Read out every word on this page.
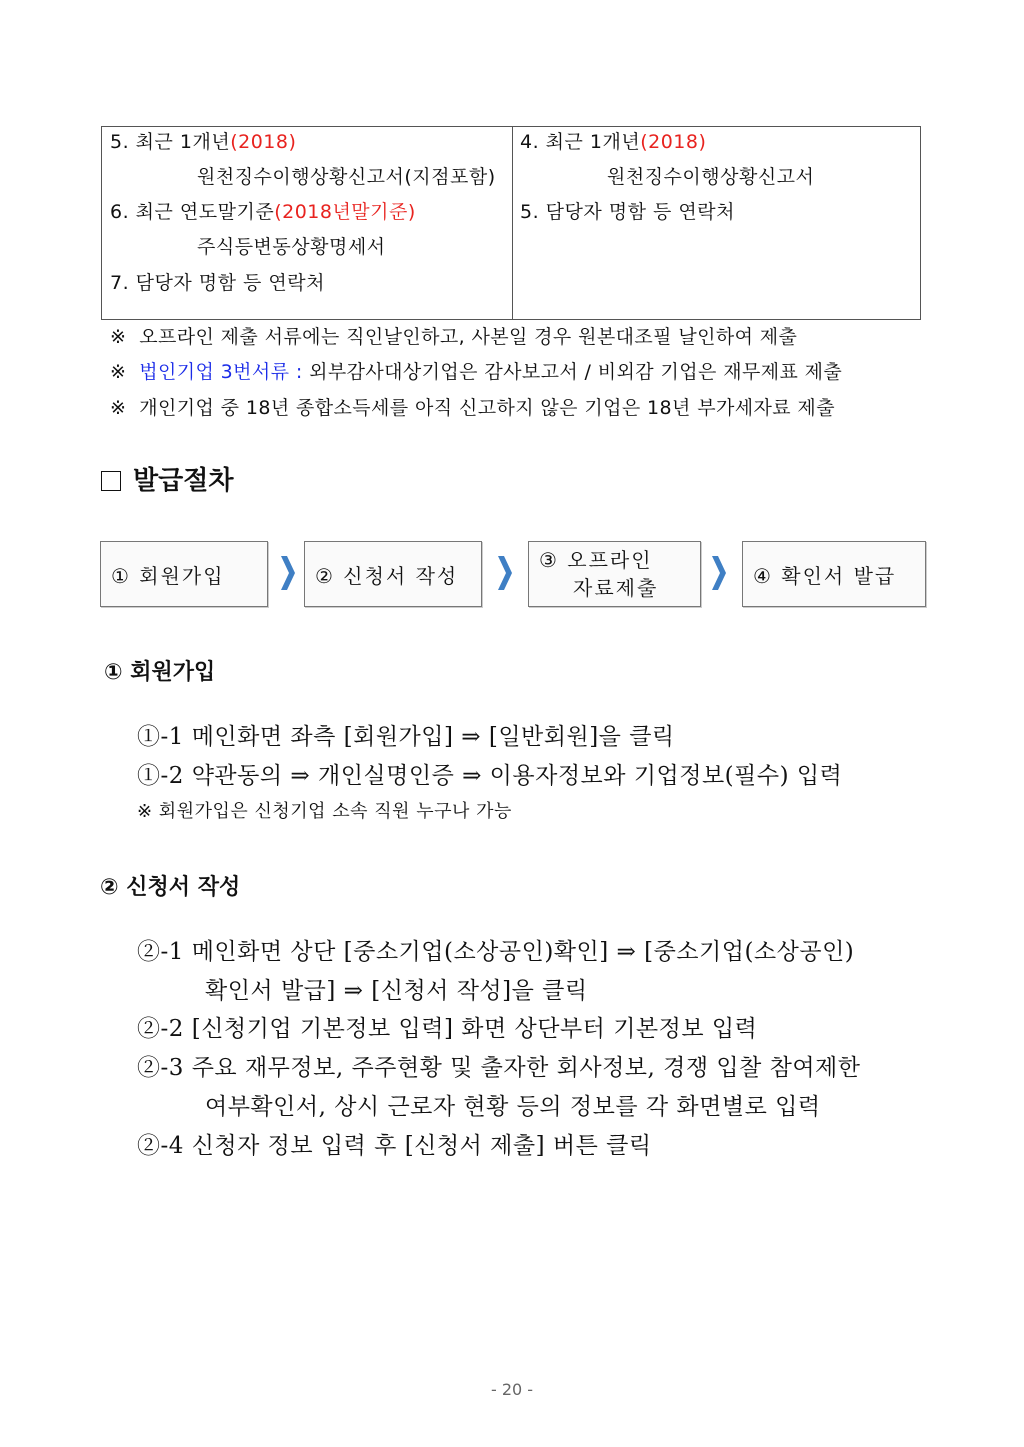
5. 최근 1개년(2018)
원천징수이행상황신고서(지점포함)
6. 최근 연도말기준(2018년말기준)
주식등변동상황명세서
7. 담당자 명함 등 연락처
4. 최근 1개년(2018)
원천징수이행상황신고서
5. 담당자 명함 등 연락처
※ 오프라인 제출 서류에는 직인날인하고, 사본일 경우 원본대조필 날인하여 제출
※ 법인기업 3번서류 : 외부감사대상기업은 감사보고서 / 비외감 기업은 재무제표 제출
※ 개인기업 중 18년 종합소득세를 아직 신고하지 않은 기업은 18년 부가세자료 제출
발급절차
① 회원가입	② 신청서 작성
③ 오프라인
자료제출
④ 확인서 발급
① 회원가입
①-1 메인화면 좌측 [회원가입] ⇒ [일반회원]을 클릭
①-2 약관동의 ⇒ 개인실명인증 ⇒ 이용자정보와 기업정보(필수) 입력
※ 회원가입은 신청기업 소속 직원 누구나 가능
② 신청서 작성
②-1 메인화면 상단 [중소기업(소상공인)확인] ⇒ [중소기업(소상공인)
확인서 발급] ⇒ [신청서 작성]을 클릭
②-2 [신청기업 기본정보 입력] 화면 상단부터 기본정보 입력
②-3 주요 재무정보, 주주현황 및 출자한 회사정보, 경쟁 입찰 참여제한
여부확인서, 상시 근로자 현황 등의 정보를 각 화면별로 입력
②-4 신청자 정보 입력 후 [신청서 제출] 버튼 클릭
- 20 -
